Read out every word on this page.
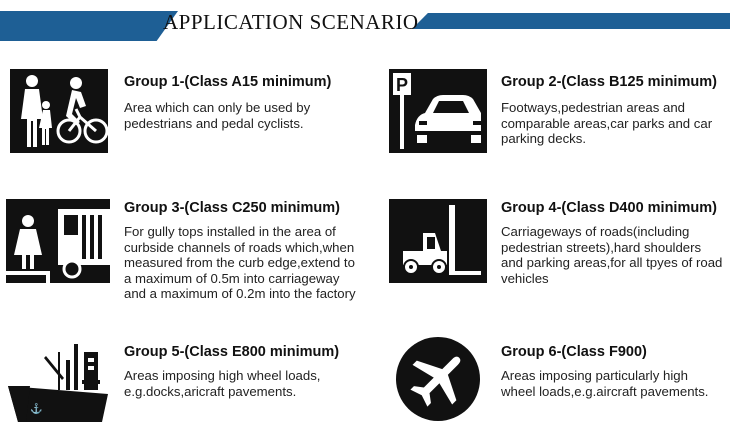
APPLICATION SCENARIO
Group 1-(Class A15 minimum)
Area which can only be used by
pedestrians and pedal cyclists.
P	Group 2-(Class B125 minimum)
Footways,pedestrian areas and
comparable areas,car parks and car
parking decks.
Group 3-(Class C250 minimum)
For gully tops installed in the area of
curbside channels of roads which,when
measured from the curb edge,extend to
a maximum of 0.5m into carriageway
and a maximum of 0.2m into the factory
Group 4-(Class D400 minimum)
Carriageways of roads(including
pedestrian streets),hard shoulders
and parking areas,for all tpyes of road
vehicles
⚓
Group 5-(Class E800 minimum)
Areas imposing high wheel loads,
e.g.docks,aricraft pavements.
Group 6-(Class F900)
Areas imposing particularly high
wheel loads,e.g.aircraft pavements.
